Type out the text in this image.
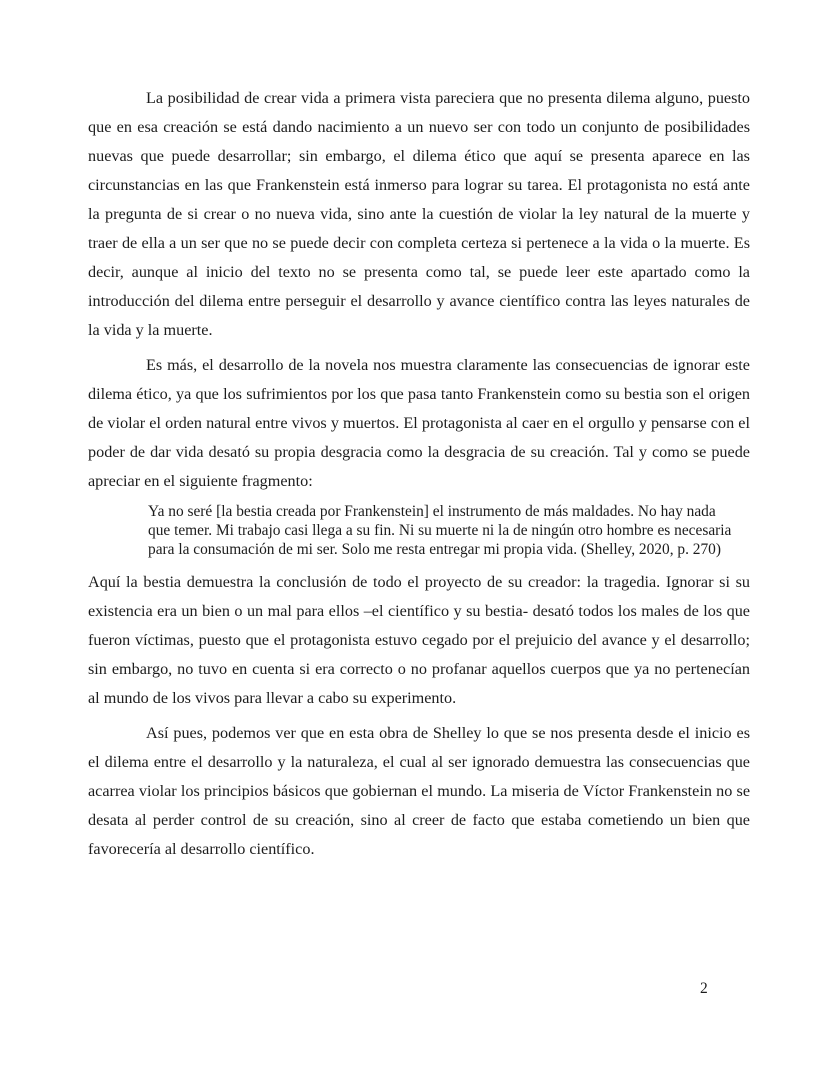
La posibilidad de crear vida a primera vista pareciera que no presenta dilema alguno, puesto que en esa creación se está dando nacimiento a un nuevo ser con todo un conjunto de posibilidades nuevas que puede desarrollar; sin embargo, el dilema ético que aquí se presenta aparece en las circunstancias en las que Frankenstein está inmerso para lograr su tarea. El protagonista no está ante la pregunta de si crear o no nueva vida, sino ante la cuestión de violar la ley natural de la muerte y traer de ella a un ser que no se puede decir con completa certeza si pertenece a la vida o la muerte. Es decir, aunque al inicio del texto no se presenta como tal, se puede leer este apartado como la introducción del dilema entre perseguir el desarrollo y avance científico contra las leyes naturales de la vida y la muerte.

Es más, el desarrollo de la novela nos muestra claramente las consecuencias de ignorar este dilema ético, ya que los sufrimientos por los que pasa tanto Frankenstein como su bestia son el origen de violar el orden natural entre vivos y muertos. El protagonista al caer en el orgullo y pensarse con el poder de dar vida desató su propia desgracia como la desgracia de su creación. Tal y como se puede apreciar en el siguiente fragmento:

Ya no seré [la bestia creada por Frankenstein] el instrumento de más maldades. No hay nada que temer. Mi trabajo casi llega a su fin. Ni su muerte ni la de ningún otro hombre es necesaria para la consumación de mi ser. Solo me resta entregar mi propia vida. (Shelley, 2020, p. 270)

Aquí la bestia demuestra la conclusión de todo el proyecto de su creador: la tragedia. Ignorar si su existencia era un bien o un mal para ellos –el científico y su bestia- desató todos los males de los que fueron víctimas, puesto que el protagonista estuvo cegado por el prejuicio del avance y el desarrollo; sin embargo, no tuvo en cuenta si era correcto o no profanar aquellos cuerpos que ya no pertenecían al mundo de los vivos para llevar a cabo su experimento.

Así pues, podemos ver que en esta obra de Shelley lo que se nos presenta desde el inicio es el dilema entre el desarrollo y la naturaleza, el cual al ser ignorado demuestra las consecuencias que acarrea violar los principios básicos que gobiernan el mundo. La miseria de Víctor Frankenstein no se desata al perder control de su creación, sino al creer de facto que estaba cometiendo un bien que favorecería al desarrollo científico.

2
